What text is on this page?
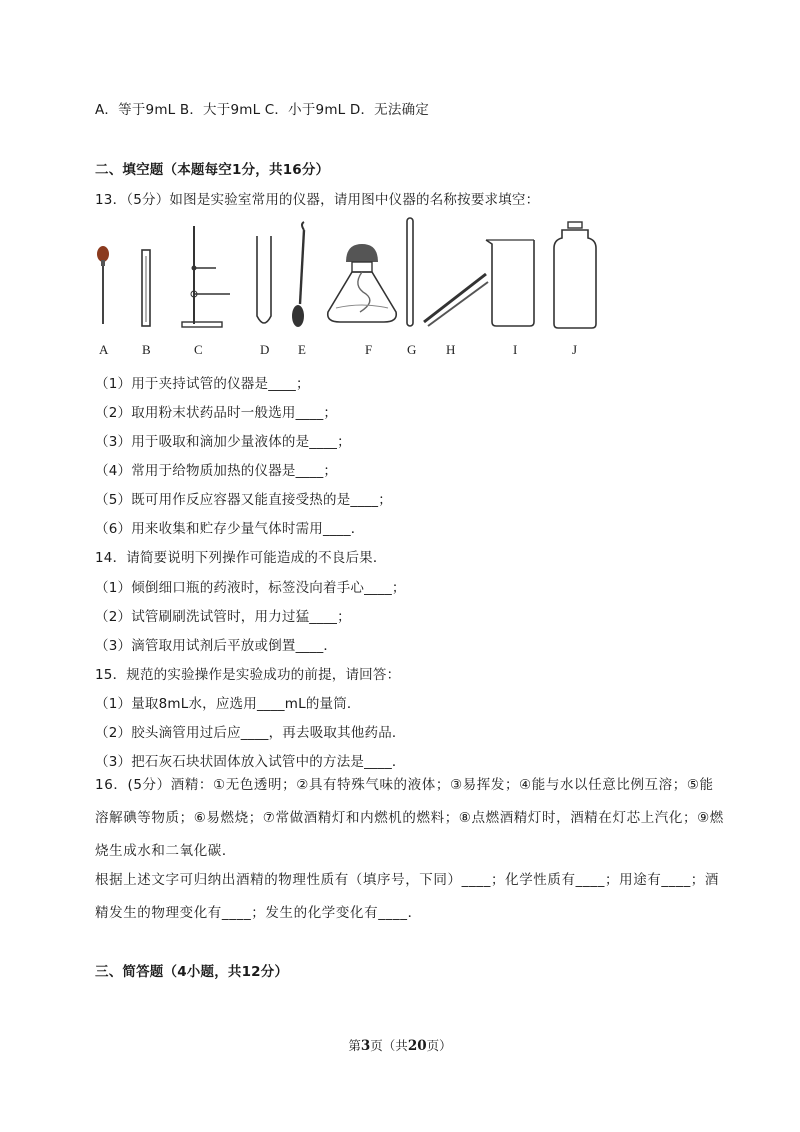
A．等于9mL B．大于9mL C．小于9mL D．无法确定
二、填空题（本题每空1分，共16分）
13．（5分）如图是实验室常用的仪器，请用图中仪器的名称按要求填空：
A	B	C	D E	F	G H	I	J
（1）用于夹持试管的仪器是____；
（2）取用粉末状药品时一般选用____；
（3）用于吸取和滴加少量液体的是____；
（4）常用于给物质加热的仪器是____；
（5）既可用作反应容器又能直接受热的是____；
（6）用来收集和贮存少量气体时需用____．
14．请简要说明下列操作可能造成的不良后果．
（1）倾倒细口瓶的药液时，标签没向着手心____；
（2）试管刷刷洗试管时，用力过猛____；
（3）滴管取用试剂后平放或倒置____．
15．规范的实验操作是实验成功的前提，请回答：
（1）量取8mL水，应选用____mL的量筒．
（2）胶头滴管用过后应____，再去吸取其他药品．
（3）把石灰石块状固体放入试管中的方法是____．
16．(5分）酒精：①无色透明；②具有特殊气味的液体；③易挥发；④能与水以任意比例互溶；⑤能溶解碘等物质；⑥易燃烧；⑦常做酒精灯和内燃机的燃料；⑧点燃酒精灯时，酒精在灯芯上汽化；⑨燃烧生成水和二氧化碳．
根据上述文字可归纳出酒精的物理性质有（填序号，下同）____；化学性质有____；用途有____；酒精发生的物理变化有____；发生的化学变化有____．
三、简答题（4小题，共12分）
第3页（共20页）
